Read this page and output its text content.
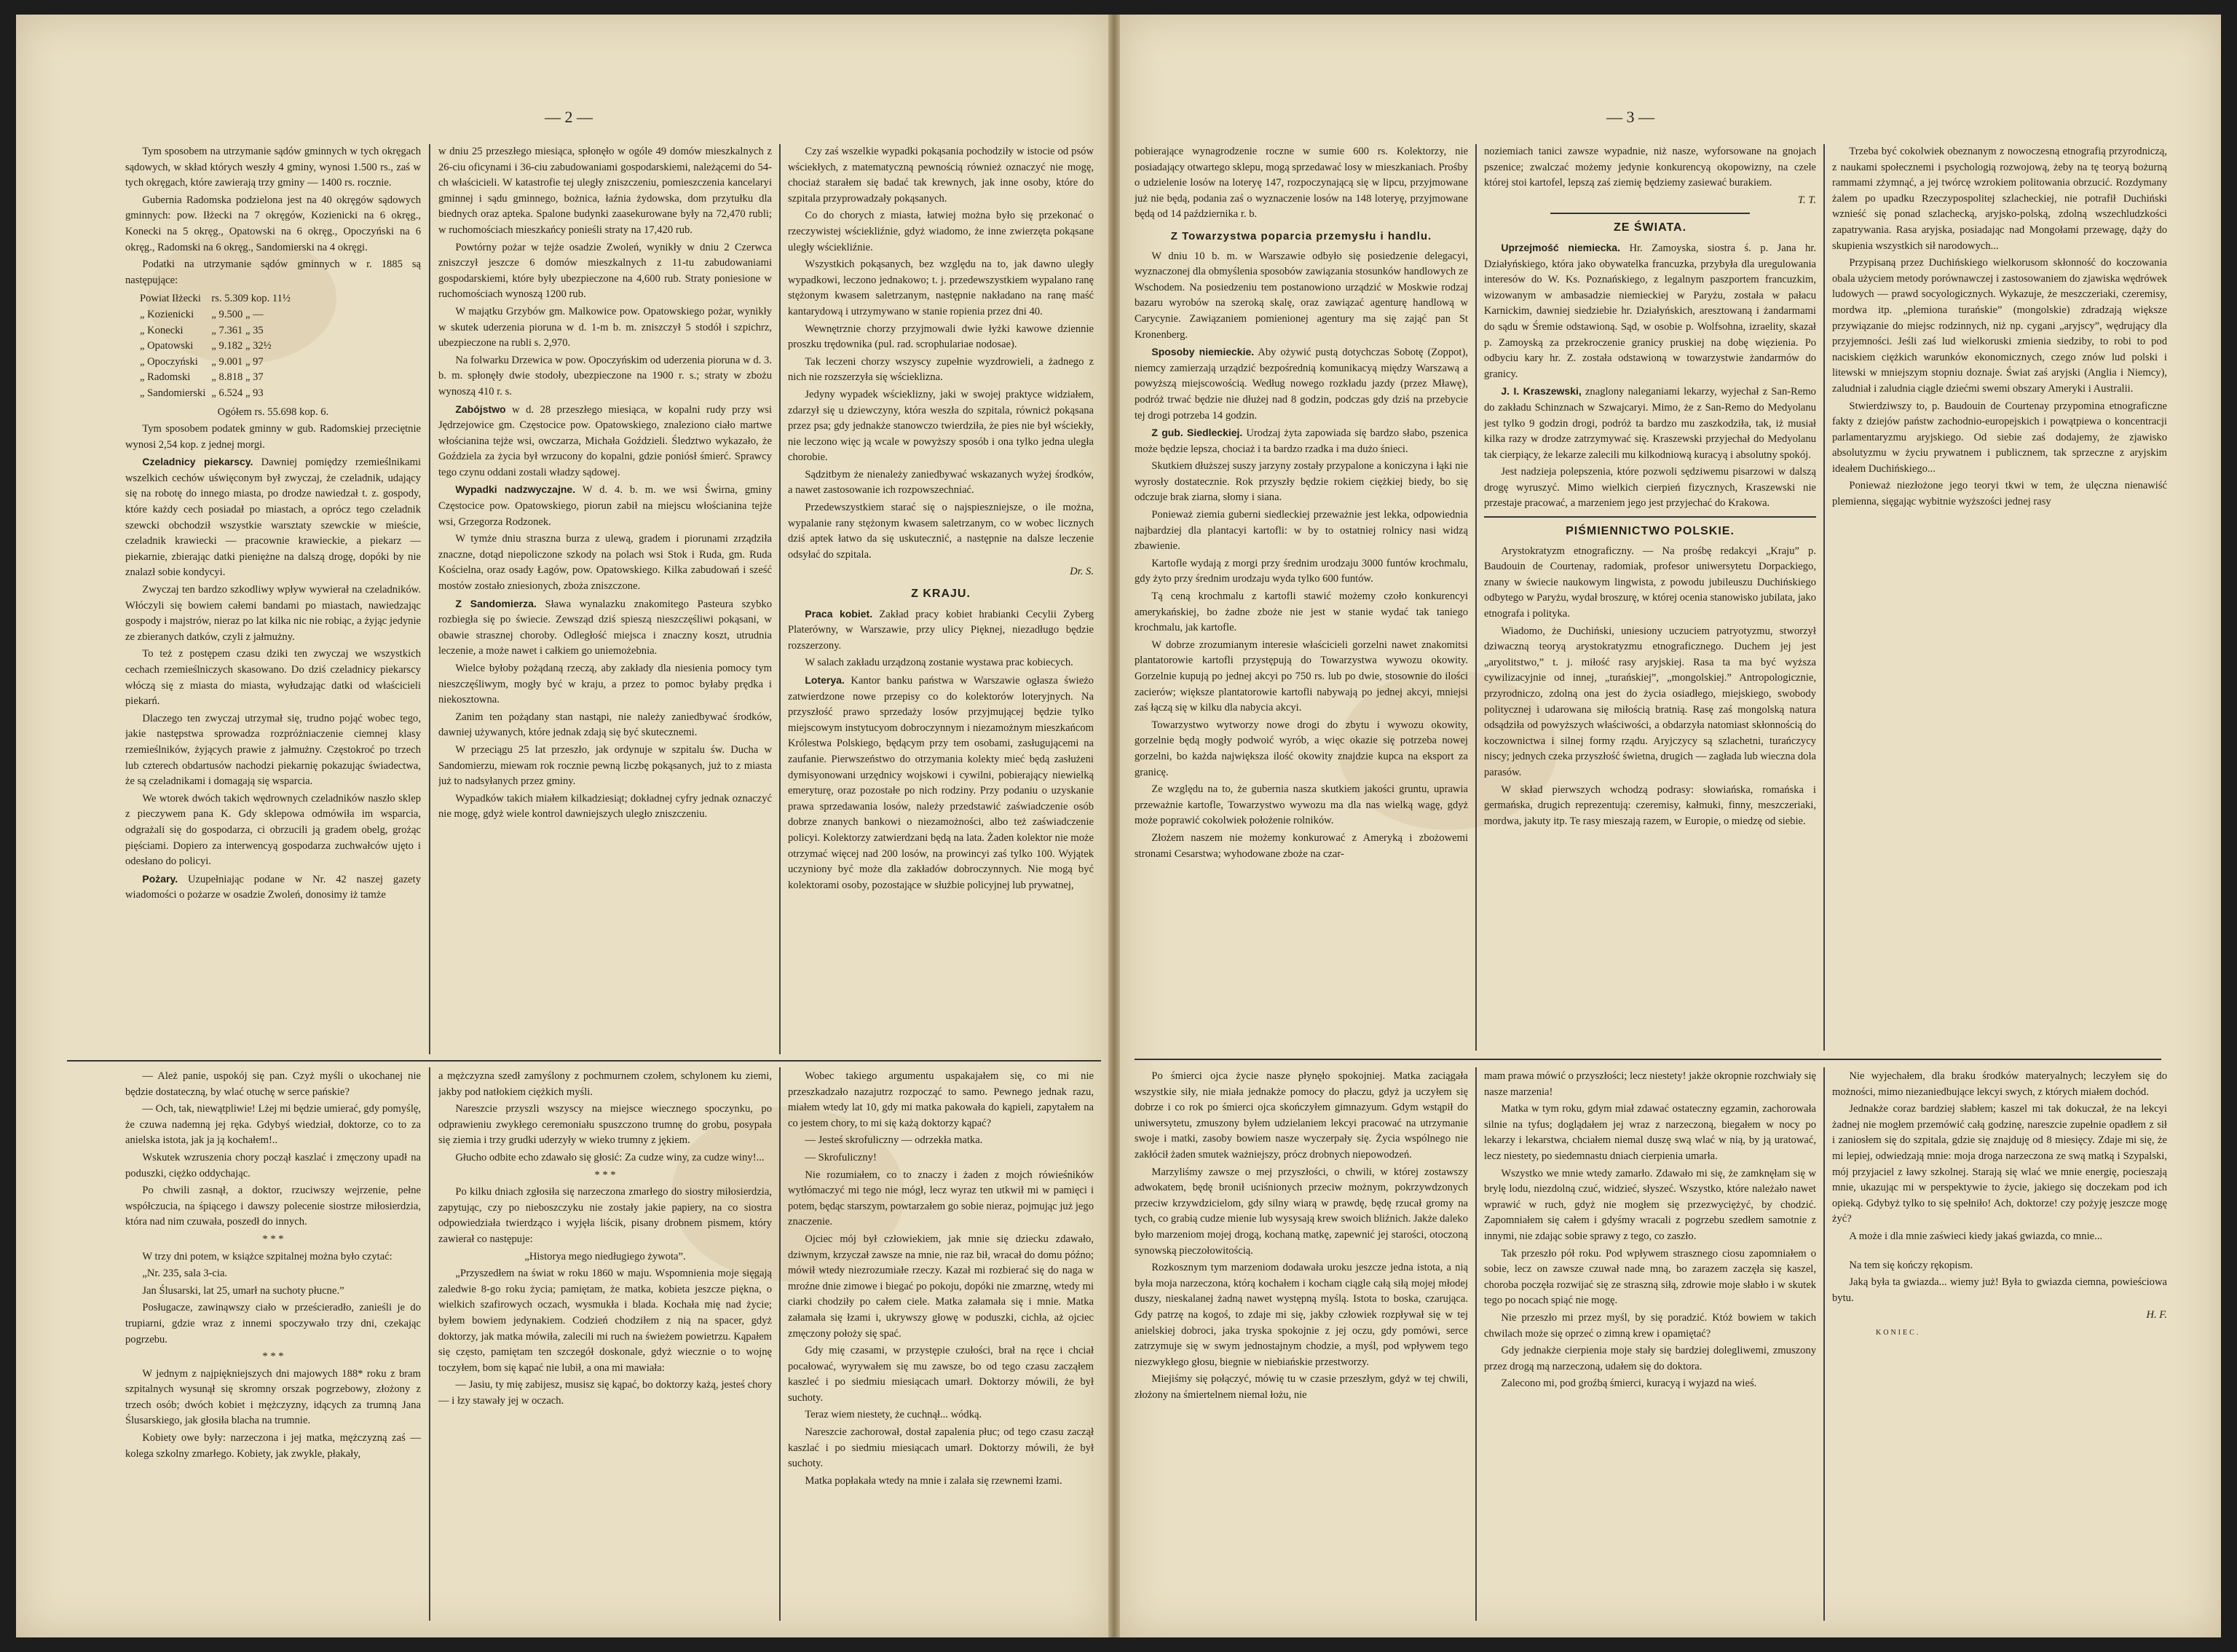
— 2 —

Tym sposobem na utrzymanie sądów gminnych w tych okręgach sądowych, w skład których weszły 4 gminy, wynosi 1.500 rs., zaś w tych okręgach, które zawierają trzy gminy — 1400 rs. rocznie.

Gubernia Radomska podzielona jest na 40 okręgów sądowych gminnych: pow. Iłżecki na 7 okręgów, Kozienicki na 6 okręg., Konecki na 5 okręg., Opatowski na 6 okręg., Opoczyński na 6 okręg., Radomski na 6 okręg., Sandomierski na 4 okręgi.

Podatki na utrzymanie sądów gminnych w r. 1885 są następujące:

Powiat Iłżecki	rs. 5.309 kop. 11½
„ Kozienicki	„ 9.500 „ —
„ Konecki	„ 7.361 „ 35
„ Opatowski	„ 9.182 „ 32½
„ Opoczyński	„ 9.001 „ 97
„ Radomski	„ 8.818 „ 37
„ Sandomierski	„ 6.524 „ 93

Ogółem rs. 55.698 kop. 6.

Tym sposobem podatek gminny w gub. Radomskiej przeciętnie wynosi 2,54 kop. z jednej morgi.

Czeladnicy piekarscy. Dawniej pomiędzy rzemieślnikami wszelkich cechów uświęconym był zwyczaj, że czeladnik, udający się na robotę do innego miasta, po drodze nawiedzał t. z. gospody, które każdy cech posiadał po miastach, a oprócz tego czeladnik szewcki obchodził wszystkie warsztaty szewckie w mieście, czeladnik krawiecki — pracownie krawieckie, a piekarz — piekarnie, zbierając datki pieniężne na dalszą drogę, dopóki by nie znalazł sobie kondycyi.

Zwyczaj ten bardzo szkodliwy wpływ wywierał na czeladników. Włóczyli się bowiem całemi bandami po miastach, nawiedzając gospody i majstrów, nieraz po lat kilka nic nie robiąc, a żyjąc jedynie ze zbieranych datków, czyli z jałmużny.

To też z postępem czasu dziki ten zwyczaj we wszystkich cechach rzemieślniczych skasowano. Do dziś czeladnicy piekarscy włóczą się z miasta do miasta, wyłudzając datki od właścicieli piekarń.

Dlaczego ten zwyczaj utrzymał się, trudno pojąć wobec tego, jakie następstwa sprowadza rozpróżniaczenie ciemnej klasy rzemieślników, żyjących prawie z jałmużny. Częstokroć po trzech lub czterech obdartusów nachodzi piekarnię pokazując świadectwa, że są czeladnikami i domagają się wsparcia.

We wtorek dwóch takich wędrownych czeladników naszło sklep z pieczywem pana K. Gdy sklepowa odmówiła im wsparcia, odgrażali się do gospodarza, ci obrzucili ją gradem obelg, grożąc pięściami. Dopiero za interwencyą gospodarza zuchwałców ujęto i odesłano do policyi.

Pożary. Uzupełniając podane w Nr. 42 naszej gazety wiadomości o pożarze w osadzie Zwoleń, donosimy iż tamże

w dniu 25 przeszłego miesiąca, spłonęło w ogóle 49 domów mieszkalnych z 26-ciu oficynami i 36-ciu zabudowaniami gospodarskiemi, należącemi do 54-ch właścicieli. W katastrofie tej uległy zniszczeniu, pomieszczenia kancelaryi gminnej i sądu gminnego, bożnica, łaźnia żydowska, dom przytułku dla biednych oraz apteka. Spalone budynki zaasekurowane były na 72,470 rubli; w ruchomościach mieszkańcy ponieśli straty na 17,420 rub.

Powtórny pożar w tejże osadzie Zwoleń, wynikły w dniu 2 Czerwca zniszczył jeszcze 6 domów mieszkalnych z 11-tu zabudowaniami gospodarskiemi, które były ubezpieczone na 4,600 rub. Straty poniesione w ruchomościach wynoszą 1200 rub.

W majątku Grzybów gm. Malkowice pow. Opatowskiego pożar, wynikły w skutek uderzenia pioruna w d. 1-m b. m. zniszczył 5 stodół i szpichrz, ubezpieczone na rubli s. 2,970.

Na folwarku Drzewica w pow. Opoczyńskim od uderzenia pioruna w d. 3. b. m. spłonęły dwie stodoły, ubezpieczone na 1900 r. s.; straty w zbożu wynoszą 410 r. s.

Zabójstwo w d. 28 przeszłego miesiąca, w kopalni rudy przy wsi Jędrzejowice gm. Częstocice pow. Opatowskiego, znaleziono ciało martwe włościanina tejże wsi, owczarza, Michała Goździeli. Śledztwo wykazało, że Goździela za życia był wrzucony do kopalni, gdzie poniósł śmierć. Sprawcy tego czynu oddani zostali władzy sądowej.

Wypadki nadzwyczajne. W d. 4. b. m. we wsi Świrna, gminy Częstocice pow. Opatowskiego, piorun zabił na miejscu włościanina tejże wsi, Grzegorza Rodzonek.

W tymże dniu straszna burza z ulewą, gradem i piorunami zrządziła znaczne, dotąd niepoliczone szkody na polach wsi Stok i Ruda, gm. Ruda Kościelna, oraz osady Łagów, pow. Opatowskiego. Kilka zabudowań i sześć mostów zostało zniesionych, zboża zniszczone.

Z Sandomierza. Sława wynalazku znakomitego Pasteura szybko rozbiegła się po świecie. Zewsząd dziś spieszą nieszczęśliwi pokąsani, w obawie strasznej choroby. Odległość miejsca i znaczny koszt, utrudnia leczenie, a może nawet i całkiem go uniemożebnia.

Wielce byłoby pożądaną rzeczą, aby zakłady dla niesienia pomocy tym nieszczęśliwym, mogły być w kraju, a przez to pomoc byłaby prędka i niekosztowna.

Zanim ten pożądany stan nastąpi, nie należy zaniedbywać środków, dawniej używanych, które jednak zdają się być skutecznemi.

W przeciągu 25 lat przeszło, jak ordynuje w szpitalu św. Ducha w Sandomierzu, miewam rok rocznie pewną liczbę pokąsanych, już to z miasta już to nadsyłanych przez gminy.

Wypadków takich miałem kilkadziesiąt; dokładnej cyfry jednak oznaczyć nie mogę, gdyż wiele kontrol dawniejszych uległo zniszczeniu.

Czy zaś wszelkie wypadki pokąsania pochodziły w istocie od psów wściekłych, z matematyczną pewnością również oznaczyć nie mogę, chociaż starałem się badać tak krewnych, jak inne osoby, które do szpitala przyprowadzały pokąsanych.

Co do chorych z miasta, łatwiej można było się przekonać o rzeczywistej wściekliźnie, gdyż wiadomo, że inne zwierzęta pokąsane uległy wściekliźnie.

Wszystkich pokąsanych, bez względu na to, jak dawno uległy wypadkowi, leczono jednakowo; t. j. przedewszystkiem wypalano ranę stężonym kwasem saletrzanym, następnie nakładano na ranę maść kantarydową i utrzymywano w stanie ropienia przez dni 40.

Wewnętrznie chorzy przyjmowali dwie łyżki kawowe dziennie proszku trędownika (pul. rad. scrophulariae nodosae).

Tak leczeni chorzy wszyscy zupełnie wyzdrowieli, a żadnego z nich nie rozszerzyła się wścieklizna.

Jedyny wypadek wścieklizny, jaki w swojej praktyce widziałem, zdarzył się u dziewczyny, która weszła do szpitala, równicż pokąsana przez psa; gdy jednakże stanowczo twierdziła, że pies nie był wściekły, nie leczono więc ją wcale w powyższy sposób i ona tylko jedna uległa chorobie.

Sądzitbym że nienależy zaniedbywać wskazanych wyżej środków, a nawet zastosowanie ich rozpowszechniać.

Przedewszystkiem starać się o najspieszniejsze, o ile można, wypalanie rany stężonym kwasem saletrzanym, co w wobec licznych dziś aptek łatwo da się uskutecznić, a następnie na dalsze leczenie odsyłać do szpitala.

Dr. S.

Z KRAJU.

Praca kobiet. Zakład pracy kobiet hrabianki Cecylii Zyberg Platerówny, w Warszawie, przy ulicy Pięknej, niezadługo będzie rozszerzony.

W salach zakładu urządzoną zostanie wystawa prac kobiecych.

Loterya. Kantor banku państwa w Warszawie ogłasza świeżo zatwierdzone nowe przepisy co do kolektorów loteryjnych. Na przyszłość prawo sprzedaży losów przyjmującej będzie tylko miejscowym instytucyom dobroczynnym i niezamożnym mieszkańcom Królestwa Polskiego, będącym przy tem osobami, zasługującemi na zaufanie. Pierwszeństwo do otrzymania kolekty mieć będą zasłużeni dymisyonowani urzędnicy wojskowi i cywilni, pobierający niewielką emeryturę, oraz pozostałe po nich rodziny. Przy podaniu o uzyskanie prawa sprzedawania losów, należy przedstawić zaświadczenie osób dobrze znanych bankowi o niezamożności, albo też zaświadczenie policyi. Kolektorzy zatwierdzani będą na lata. Żaden kolektor nie może otrzymać więcej nad 200 losów, na prowincyi zaś tylko 100. Wyjątek uczyniony być może dla zakładów dobroczynnych. Nie mogą być kolektorami osoby, pozostające w służbie policyjnej lub prywatnej,

— Ależ panie, uspokój się pan. Czyż myśli o ukochanej nie będzie dostateczną, by wlać otuchę w serce pańskie?

— Och, tak, niewątpliwie! Lżej mi będzie umierać, gdy pomyślę, że czuwa nademną jej ręka. Gdybyś wiedział, doktorze, co to za anielska istota, jak ja ją kochałem!..

Wskutek wzruszenia chory począł kaszlać i zmęczony upadł na poduszki, ciężko oddychając.

Po chwili zasnął, a doktor, rzuciwszy wejrzenie, pełne współczucia, na śpiącego i dawszy polecenie siostrze miłosierdzia, która nad nim czuwała, poszedł do innych.

* * *

W trzy dni potem, w książce szpitalnej można było czytać:

„Nr. 235, sala 3-cia.

Jan Ślusarski, lat 25, umarł na suchoty płucne.”

Posługacze, zawinąwszy ciało w prześcieradło, zanieśli je do trupiarni, gdzie wraz z innemi spoczywało trzy dni, czekając pogrzebu.

* * *

W jednym z najpiękniejszych dni majowych 188* roku z bram szpitalnych wysunął się skromny orszak pogrzebowy, złożony z trzech osób; dwóch kobiet i mężczyzny, idących za trumną Jana Ślusarskiego, jak głosiła blacha na trumnie.

Kobiety owe były: narzeczona i jej matka, mężczyzną zaś — kolega szkolny zmarłego. Kobiety, jak zwykle, płakały,

a mężczyzna szedł zamyślony z pochmurnem czołem, schylonem ku ziemi, jakby pod natłokiem ciężkich myśli.

Nareszcie przyszli wszyscy na miejsce wiecznego spoczynku, po odprawieniu zwykłego ceremoniału spuszczono trumnę do grobu, posypała się ziemia i trzy grudki uderzyły w wieko trumny z jękiem.

Głucho odbite echo zdawało się głosić: Za cudze winy, za cudze winy!...

* * *

Po kilku dniach zgłosiła się narzeczona zmarłego do siostry miłosierdzia, zapytując, czy po nieboszczyku nie zostały jakie papiery, na co siostra odpowiedziała twierdząco i wyjęła liścik, pisany drobnem pismem, który zawierał co następuje:

„Historya mego niedługiego żywota”.

„Przyszedłem na świat w roku 1860 w maju. Wspomnienia moje sięgają zaledwie 8-go roku życia; pamiętam, że matka, kobieta jeszcze piękna, o wielkich szafirowych oczach, wysmukła i blada. Kochała mię nad życie; byłem bowiem jedynakiem. Codzień chodziłem z nią na spacer, gdyż doktorzy, jak matka mówiła, zalecili mi ruch na świeżem powietrzu. Kąpałem się często, pamiętam ten szczegół doskonale, gdyż wiecznie o to wojnę toczyłem, bom się kąpać nie lubił, a ona mi mawiała:

— Jasiu, ty mię zabijesz, musisz się kąpać, bo doktorzy każą, jesteś chory — i łzy stawały jej w oczach.

Wobec takiego argumentu uspakajałem się, co mi nie przeszkadzało nazajutrz rozpocząć to samo. Pewnego jednak razu, miałem wtedy lat 10, gdy mi matka pakowała do kąpieli, zapytałem na co jestem chory, to mi się każą doktorzy kąpać?

— Jesteś skrofuliczny — odrzekła matka.

— Skrofuliczny!

Nie rozumiałem, co to znaczy i żaden z mojch rówieśników wytłómaczyć mi tego nie mógł, lecz wyraz ten utkwił mi w pamięci i potem, będąc starszym, powtarzałem go sobie nieraz, pojmując już jego znaczenie.

Ojciec mój był człowiekiem, jak mnie się dziecku zdawało, dziwnym, krzyczał zawsze na mnie, nie raz bił, wracał do domu późno; mówił wtedy niezrozumiałe rzeczy. Kazał mi rozbierać się do nagа w mroźne dnie zimowe i biegać po pokoju, dopóki nie zmarznę, wtedy mi ciarki chodziły po całem ciele. Matka załamała się i mnie. Matka załamała się łzami i, ukrywszy głowę w poduszki, cichła, aż ojciec zmęczony położy się spać.

Gdy mię czasami, w przystępie czułości, brał na ręce i chciał pocałować, wyrywałem się mu zawsze, bo od tego czasu zacząłem kaszleć i po siedmiu miesiącach umarł. Doktorzy mówili, że był suchoty.

Teraz wiem niestety, że cuchnął... wódką.

Nareszcie zachorował, dostał zapalenia płuc; od tego czasu zaczął kaszlać i po siedmiu miesiącach umarł. Doktorzy mówili, że był suchoty.

Matka popłakała wtedy na mnie i zalała się rzewnemi łzami.

— 3 —

pobierające wynagrodzenie roczne w sumie 600 rs. Kolektorzy, nie posiadający otwartego sklepu, mogą sprzedawać losy w mieszkaniach. Prośby o udzielenie losów na loteryę 147, rozpoczynającą się w lipcu, przyjmowane już nie będą, podania zaś o wyznaczenie losów na 148 loteryę, przyjmowane będą od 14 października r. b.

Z Towarzystwa poparcia przemysłu i handlu.

W dniu 10 b. m. w Warszawie odbyło się posiedzenie delegacyi, wyznaczonej dla obmyślenia sposobów zawiązania stosunków handlowych ze Wschodem. Na posiedzeniu tem postanowiono urządzić w Moskwie rodzaj bazaru wyrobów na szeroką skalę, oraz zawiązać agenturę handlową w Carycynie. Zawiązaniem pomienionej agentury ma się zająć pan St Kronenberg.

Sposoby niemieckie. Aby ożywić pustą dotychczas Sobotę (Zoppot), niemcy zamierzają urządzić bezpośrednią komunikacyą między Warszawą a powyższą miejscowością. Według nowego rozkładu jazdy (przez Mławę), podróż trwać będzie nie dłużej nad 8 godzin, podczas gdy dziś na przebycie tej drogi potrzeba 14 godzin.

Z gub. Siedleckiej. Urodzaj żyta zapowiada się bardzo słabo, pszenica może będzie lepsza, chociaż i ta bardzo rzadka i ma dużo śnieci.

Skutkiem dłuższej suszy jarzyny zostały przypalone a koniczyna i łąki nie wyrosły dostatecznie. Rok przyszły będzie rokiem ciężkiej biedy, bo się odczuje brak ziarna, słomy i siana.

Ponieważ ziemia guberni siedleckiej przeważnie jest lekka, odpowiednia najbardziej dla plantacyi kartofli: w by to ostatniej rolnicy nasi widzą zbawienie.

Kartofle wydają z morgi przy średnim urodzaju 3000 funtów krochmalu, gdy żyto przy średnim urodzaju wyda tylko 600 funtów.

Tą ceną krochmalu z kartofli stawić możemy czoło konkurencyi amerykańskiej, bo żadne zboże nie jest w stanie wydać tak taniego krochmalu, jak kartofle.

W dobrze zrozumianym interesie właścicieli gorzelni nawet znakomitsi plantatorowie kartofli przystępują do Towarzystwa wywozu okowity. Gorzelnie kupują po jednej akcyi po 750 rs. lub po dwie, stosownie do ilości zacierów; większe plantatorowie kartofli nabywają po jednej akcyi, mniejsi zaś łączą się w kilku dla nabycia akcyi.

Towarzystwo wytworzy nowe drogi do zbytu i wywozu okowity, gorzelnie będą mogły podwoić wyrób, a więc okazie się potrzeba nowej gorzelni, bo każda największa ilość okowity znajdzie kupca na eksport za granicę.

Ze względu na to, że gubernia nasza skutkiem jakości gruntu, uprawia przeważnie kartofle, Towarzystwo wywozu ma dla nas wielką wagę, gdyż może poprawić cokolwiek położenie rolników.

Złożem naszem nie możemy konkurować z Ameryką i zbożowemi stronami Cesarstwa; wyhodowane zboże na czar-

noziemiach tanici zawsze wypadnie, niż nasze, wyforsowane na gnojach pszenice; zwalczać możemy jedynie konkurencyą okopowizny, na czele której stoi kartofel, lepszą zaś ziemię będziemy zasiewać burakiem.

T. T.

ZE ŚWIATA.

Uprzejmość niemiecka. Hr. Zamoyska, siostra ś. p. Jana hr. Działyńskiego, która jako obywatelka francuzka, przybyła dla uregulowania interesów do W. Ks. Poznańskiego, z legalnym paszportem francuzkim, wizowanym w ambasadzie niemieckiej w Paryżu, została w pałacu Karnickim, dawniej siedziebie hr. Działyńskich, aresztowaną i żandarmami do sądu w Śremie odstawioną. Sąd, w osobie p. Wolfsohna, izraelity, skazał p. Zamoyską za przekroczenie granicy pruskiej na dobę więzienia. Po odbyciu kary hr. Z. została odstawioną w towarzystwie żandarmów do granicy.

J. I. Kraszewski, znaglony naleganiami lekarzy, wyjechał z San-Remo do zakładu Schinznach w Szwajcaryi. Mimo, że z San-Remo do Medyolanu jest tylko 9 godzin drogi, podróż ta bardzo mu zaszkodziła, tak, iż musiał kilka razy w drodze zatrzymywać się. Kraszewski przyjechał do Medyolanu tak cierpiący, że lekarze zalecili mu kilkodniową kuracyą i absolutny spokój.

Jest nadzieja polepszenia, które pozwoli sędziwemu pisarzowi w dalszą drogę wyruszyć. Mimo wielkich cierpień fizycznych, Kraszewski nie przestaje pracować, a marzeniem jego jest przyjechać do Krakowa.

PIŚMIENNICTWO POLSKIE.

Arystokratyzm etnograficzny. — Na prośbę redakcyi „Kraju” p. Baudouin de Courtenay, radomiak, profesor uniwersytetu Dorpackiego, znany w świecie naukowym lingwista, z powodu jubileuszu Duchińskiego odbytego w Paryżu, wydał broszurę, w której ocenia stanowisko jubilata, jako etnografa i polityka.

Wiadomo, że Duchiński, uniesiony uczuciem patryotyzmu, stworzył dziwaczną teoryą arystokratyzmu etnograficznego. Duchem jej jest „aryolitstwo,” t. j. miłość rasy aryjskiej. Rasa ta ma być wyższa cywilizacyjnie od innej, „turańskiej”, „mongolskiej.” Antropologicznie, przyrodniczo, zdolną ona jest do życia osiadłego, miejskiego, swobody politycznej i udarowana się miłością bratnią. Rasę zaś mongolską natura odsądziła od powyższych właściwości, a obdarzyła natomiast skłonnością do koczownictwa i silnej formy rządu. Aryjczycy są szlachetni, turańczycy niscy; jednych czeka przyszłość świetna, drugich — zagłada lub wieczna dola parasów.

W skład pierwszych wchodzą podrasy: słowiańska, romańska i germańska, drugich reprezentują: czeremisy, kałmuki, finny, meszczeriaki, mordwa, jakuty itp. Te rasy mieszają razem, w Europie, o miedzę od siebie.

Trzeba być cokolwiek obeznanym z nowoczesną etnografią przyrodniczą, z naukami społecznemi i psychologią rozwojową, żeby na tę teoryą bożurną rammami zżymnąć, a jej twórcę wzrokiem politowania obrzucić. Rozdymany żalem po upadku Rzeczypospolitej szlacheckiej, nie potrafił Duchiński wznieść się ponad szlachecką, aryjsko-polską, zdolną wszechludzkości zapatrywania. Rasa aryjska, posiadając nad Mongołami przewagę, dąży do skupienia wszystkich sił narodowych...

Przypisaną przez Duchińskiego wielkorusom skłonność do koczowania obala użyciem metody porównawczej i zastosowaniem do zjawiska wędrówek ludowych — prawd socyologicznych. Wykazuje, że meszczeriaki, czeremisy, mordwa itp. „plemiona turańskie” (mongolskie) zdradzają większe przywiązanie do miejsc rodzinnych, niż np. cygani „aryjscy”, wędrujący dla przyjemności. Jeśli zaś lud wielkoruski zmienia siedziby, to robi to pod naciskiem ciężkich warunków ekonomicznych, czego znów lud polski i litewski w mniejszym stopniu doznaje. Świat zaś aryjski (Anglia i Niemcy), zaludniał i zaludnia ciągle dziećmi swemi obszary Ameryki i Australii.

Stwierdziwszy to, p. Baudouin de Courtenay przypomina etnograficzne fakty z dziejów państw zachodnio-europejskich i powątpiewa o koncentracji parlamentaryzmu aryjskiego. Od siebie zaś dodajemy, że zjawisko absolutyzmu w życiu prywatnem i publicznem, tak sprzeczne z aryjskim ideałem Duchińskiego...

Ponieważ niezłożone jego teoryi tkwi w tem, że ulęczna nienawiść plemienna, sięgając wybitnie wyższości jednej rasy

Po śmierci ojca życie nasze płynęło spokojniej. Matka zaciągała wszystkie siły, nie miała jednakże pomocy do płaczu, gdyż ja uczyłem się dobrze i co rok po śmierci ojca skończyłem gimnazyum. Gdym wstąpił do uniwersytetu, zmuszony byłem udzielaniem lekcyi pracować na utrzymanie swoje i matki, zasoby bowiem nasze wyczerpały się. Życia wspólnego nie zakłócił żaden smutek ważniejszy, prócz drobnych niepowodzeń.

Marzyliśmy zawsze o mej przyszłości, o chwili, w której zostawszy adwokatem, będę bronił uciśnionych przeciw możnym, pokrzywdzonych przeciw krzywdzicielom, gdy silny wiarą w prawdę, będę rzucał gromy na tych, co grabią cudze mienie lub wysysają krew swoich bliźnich. Jakże daleko było marzeniom mojej drogą, kochaną matkę, zapewnić jej starości, otoczoną synowską pieczołowitością.

Rozkosznym tym marzeniom dodawała uroku jeszcze jedna istota, a nią była moja narzeczona, którą kochałem i kocham ciągle całą siłą mojej młodej duszy, nieskalanej żadną nawet występną myślą. Istota to boska, czarująca. Gdy patrzę na kogoś, to zdaje mi się, jakby człowiek rozpływał się w tej anielskiej dobroci, jaka tryska spokojnie z jej oczu, gdy pomówi, serce zatrzymuje się w swym jednostajnym chodzie, a myśl, pod wpływem tego niezwykłego głosu, biegnie w niebiańskie przestworzy.

Miejiśmy się połączyć, mówię tu w czasie przeszłym, gdyż w tej chwili, złożony na śmiertelnem niemal łożu, nie

mam prawa mówić o przyszłości; lecz niestety! jakże okropnie rozchwiały się nasze marzenia!

Matka w tym roku, gdym miał zdawać ostateczny egzamin, zachorowała silnie na tyfus; doglądałem jej wraz z narzeczoną, biegałem w nocy po lekarzy i lekarstwa, chciałem niemal duszę swą wlać w nią, by ją uratować, lecz niestety, po siedemnastu dniach cierpienia umarła.

Wszystko we mnie wtedy zamarło. Zdawało mi się, że zamknęłam się w brylę lodu, niezdolną czuć, widzieć, słyszeć. Wszystko, które należało nawet wprawić w ruch, gdyż nie mogłem się przezwyciężyć, by chodzić. Zapomniałem się całem i gdyśmy wracali z pogrzebu szedłem samotnie z innymi, nie zdając sobie sprawy z tego, co zaszło.

Tak przeszło pół roku. Pod wpływem strasznego ciosu zapomniałem o sobie, lecz on zawsze czuwał nade mną, bo zarazem zaczęła się kaszel, choroba poczęła rozwijać się ze straszną siłą, zdrowie moje słabło i w skutek tego po nocach spiąć nie mogę.

Nie przeszło mi przez myśl, by się poradzić. Któż bowiem w takich chwilach może się oprzeć o zimną krew i opamiętać?

Gdy jednakże cierpienia moje stały się bardziej dolegliwemi, zmuszony przez drogą mą narzeczoną, udałem się do doktora.

Zalecono mi, pod groźbą śmierci, kuracyą i wyjazd na wieś.

Nie wyjechałem, dla braku środków materyalnych; leczyłem się do możności, mimo niezaniedbujące lekcyi swych, z których miałem dochód.

Jednakże coraz bardziej słabłem; kaszel mi tak dokuczał, że na lekcyi żadnej nie mogłem przemówić całą godzinę, nareszcie zupełnie opadłem z sił i zaniosłem się do szpitala, gdzie się znajduję od 8 miesięcy. Zdaje mi się, że mi lepiej, odwiedzają mnie: moja droga narzeczona ze swą matką i Szypalski, mój przyjaciel z ławy szkolnej. Starają się wlać we mnie energię, pocieszają mnie, ukazując mi w perspektywie to życie, jakiego się doczekam pod ich opieką. Gdybyż tylko to się spełniło! Ach, doktorze! czy pożyję jeszcze mogę żyć?

A może i dla mnie zaświeci kiedy jakaś gwiazda, co mnie...

Na tem się kończy rękopism.

Jaką była ta gwiazda... wiemy już! Była to gwiazda ciemna, powieściowa bytu.

H. F.

KONIEC.
